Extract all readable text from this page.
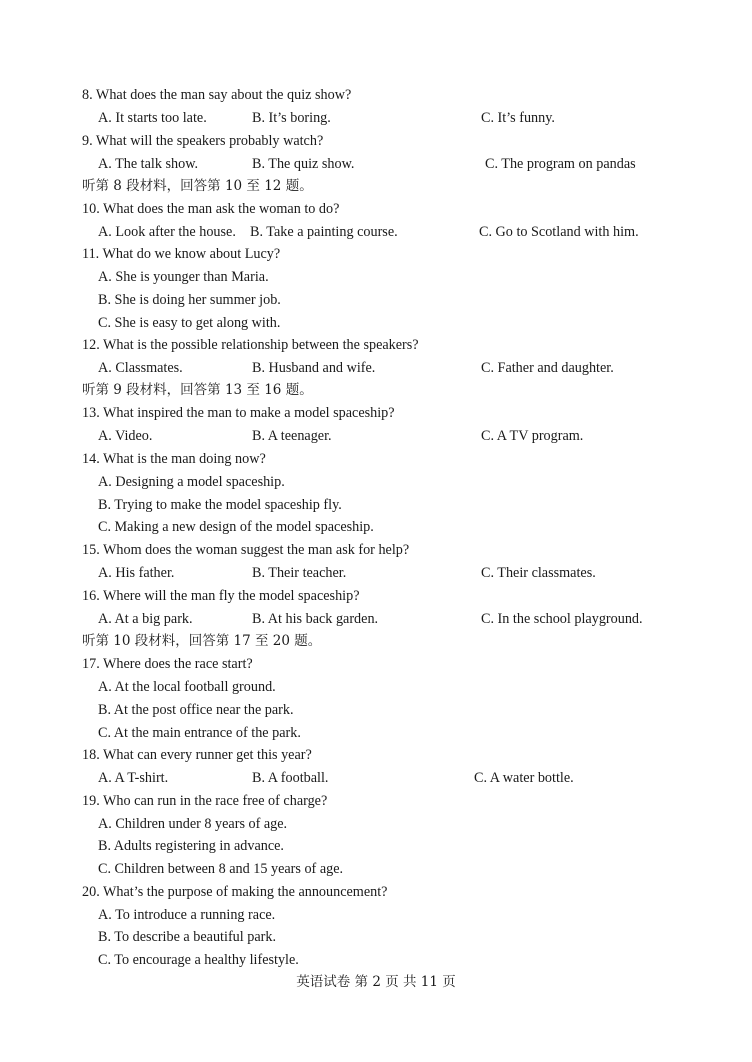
8. What does the man say about the quiz show?
A. It starts too late.	B. It’s boring.	C. It’s funny.
9. What will the speakers probably watch?
A. The talk show.	B. The quiz show.	C. The program on pandas
听第 8 段材料，回答第 10 至 12 题。
10. What does the man ask the woman to do?
A. Look after the house. B. Take a painting course.	C. Go to Scotland with him.
11. What do we know about Lucy?
A. She is younger than Maria.
B. She is doing her summer job.
C. She is easy to get along with.
12. What is the possible relationship between the speakers?
A. Classmates.	B. Husband and wife.	C. Father and daughter.
听第 9 段材料，回答第 13 至 16 题。
13. What inspired the man to make a model spaceship?
A. Video.	B. A teenager.	C. A TV program.
14. What is the man doing now?
A. Designing a model spaceship.
B. Trying to make the model spaceship fly.
C. Making a new design of the model spaceship.
15. Whom does the woman suggest the man ask for help?
A. His father.	B. Their teacher.	C. Their classmates.
16. Where will the man fly the model spaceship?
A. At a big park.	B. At his back garden.	C. In the school playground.
听第 10 段材料，回答第 17 至 20 题。
17. Where does the race start?
A. At the local football ground.
B. At the post office near the park.
C. At the main entrance of the park.
18. What can every runner get this year?
A. A T-shirt.	B. A football.	C. A water bottle.
19. Who can run in the race free of charge?
A. Children under 8 years of age.
B. Adults registering in advance.
C. Children between 8 and 15 years of age.
20. What’s the purpose of making the announcement?
A. To introduce a running race.
B. To describe a beautiful park.
C. To encourage a healthy lifestyle.
英语试卷 第 2 页 共 11 页
